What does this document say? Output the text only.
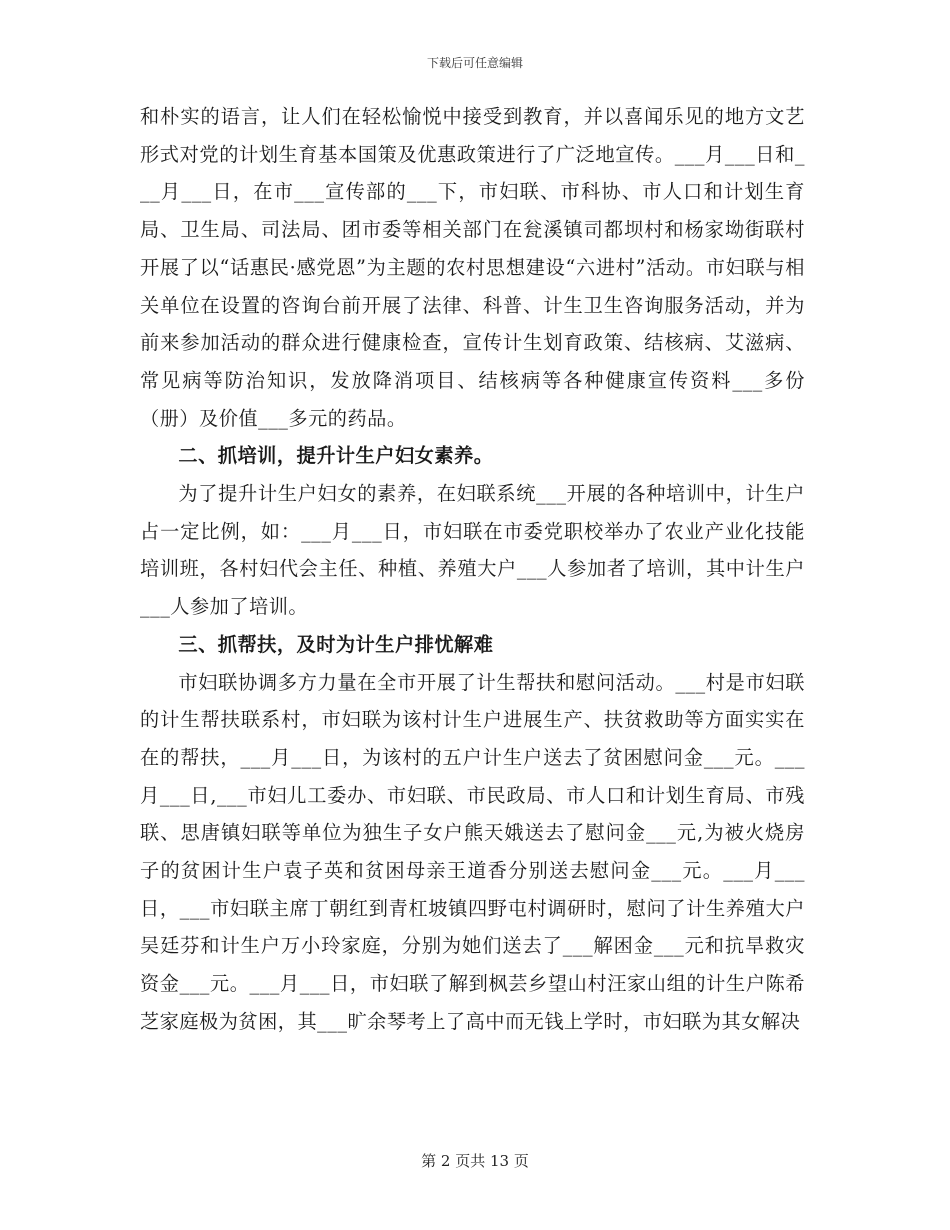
下载后可任意编辑

和朴实的语言，让人们在轻松愉悦中接受到教育，并以喜闻乐见的地方文艺形式对党的计划生育基本国策及优惠政策进行了广泛地宣传。___月___日和___月___日，在市___宣传部的___下，市妇联、市科协、市人口和计划生育局、卫生局、司法局、团市委等相关部门在瓮溪镇司都坝村和杨家坳街联村开展了以“话惠民·感党恩”为主题的农村思想建设“六进村”活动。市妇联与相关单位在设置的咨询台前开展了法律、科普、计生卫生咨询服务活动，并为前来参加活动的群众进行健康检查，宣传计生划育政策、结核病、艾滋病、常见病等防治知识，发放降消项目、结核病等各种健康宣传资料___多份（册）及价值___多元的药品。

二、抓培训，提升计生户妇女素养。

为了提升计生户妇女的素养，在妇联系统___开展的各种培训中，计生户占一定比例，如：___月___日，市妇联在市委党职校举办了农业产业化技能培训班，各村妇代会主任、种植、养殖大户___人参加者了培训，其中计生户___人参加了培训。

三、抓帮扶，及时为计生户排忧解难

市妇联协调多方力量在全市开展了计生帮扶和慰问活动。___村是市妇联的计生帮扶联系村，市妇联为该村计生户进展生产、扶贫救助等方面实实在在的帮扶，___月___日，为该村的五户计生户送去了贫困慰问金___元。___月___日,___市妇儿工委办、市妇联、市民政局、市人口和计划生育局、市残联、思唐镇妇联等单位为独生子女户熊天娥送去了慰问金___元,为被火烧房子的贫困计生户袁子英和贫困母亲王道香分别送去慰问金___元。___月___日，___市妇联主席丁朝红到青杠坡镇四野屯村调研时，慰问了计生养殖大户吴廷芬和计生户万小玲家庭，分别为她们送去了___解困金___元和抗旱救灾资金___元。___月___日，市妇联了解到枫芸乡望山村汪家山组的计生户陈希芝家庭极为贫困，其___旷余琴考上了高中而无钱上学时，市妇联为其女解决

第 2 页共 13 页
